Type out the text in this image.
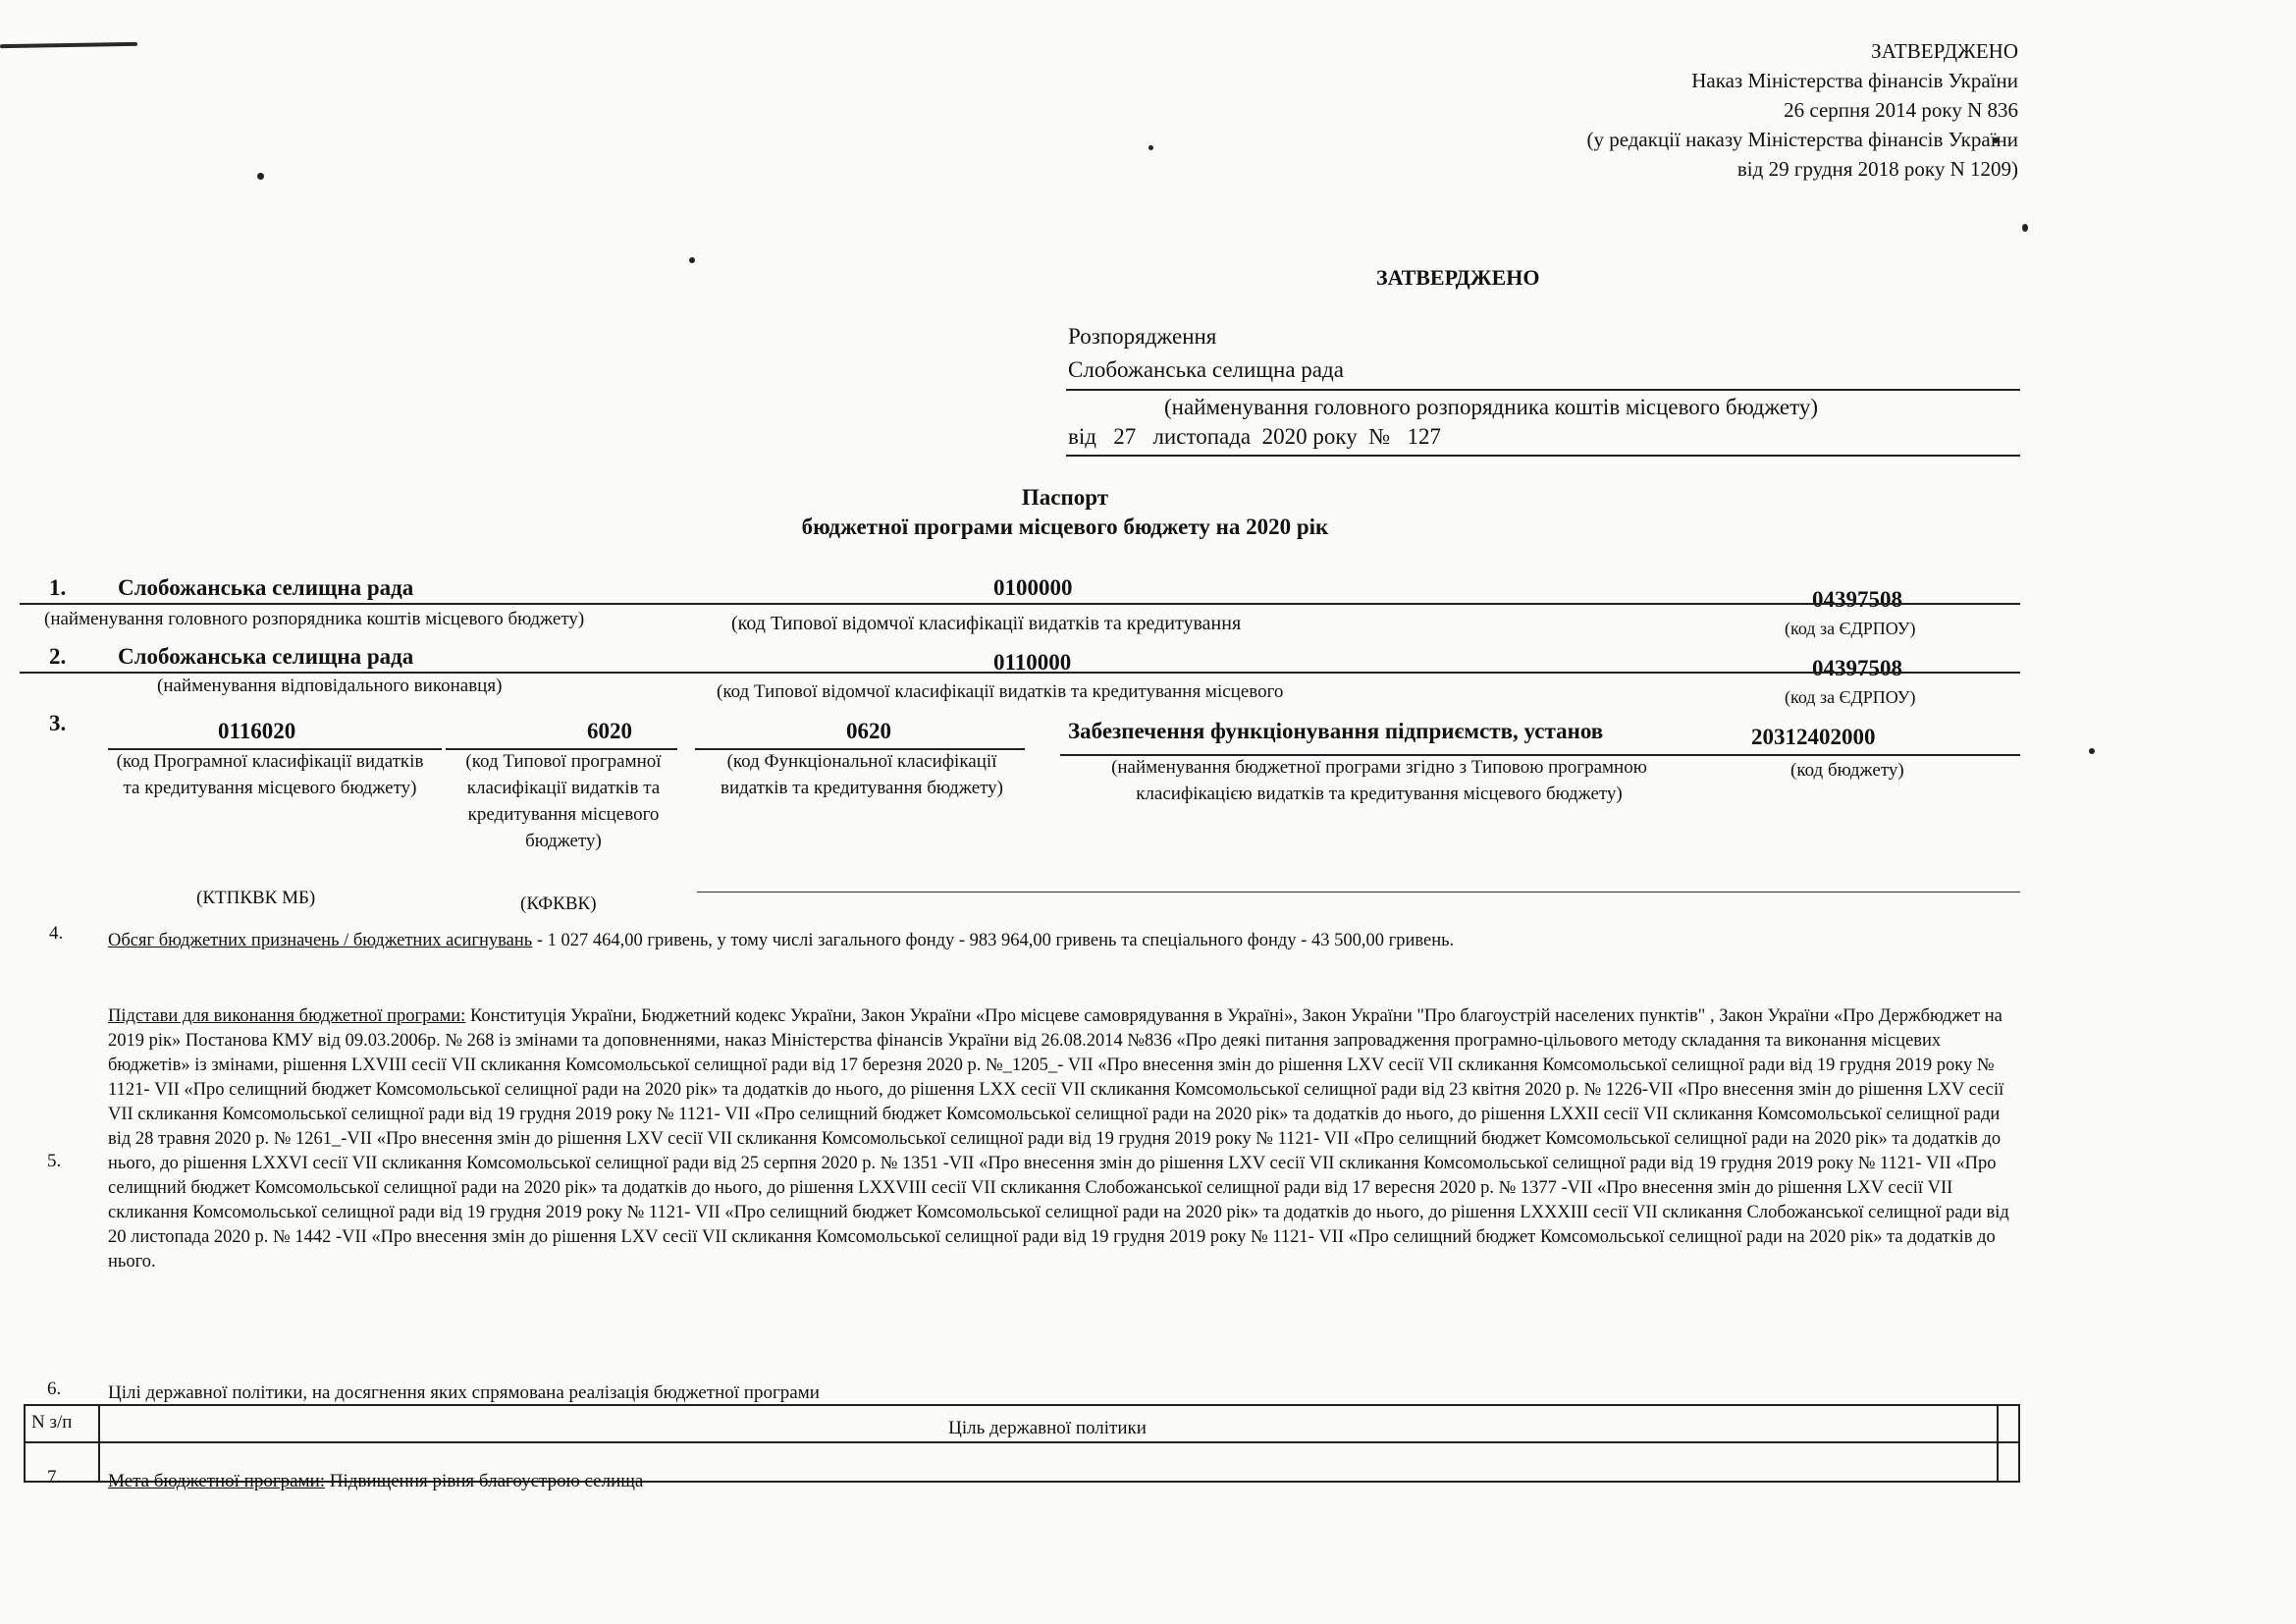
ЗАТВЕРДЖЕНО
Наказ Міністерства фінансів України
26 серпня 2014 року N 836
(у редакції наказу Міністерства фінансів України
від 29 грудня 2018 року N 1209)
ЗАТВЕРДЖЕНО
Розпорядження
Слобожанська селищна рада
(найменування головного розпорядника коштів місцевого бюджету)
від 27 листопада 2020 року № 127
Паспорт
бюджетної програми місцевого бюджету на 2020 рік
1. Слобожанська селищна рада	0100000	04397508
(найменування головного розпорядника коштів місцевого бюджету)	(код Типової відомчої класифікації видатків та кредитування	(код за ЄДРПОУ)
2. Слобожанська селищна рада	0110000	04397508
(найменування відповідального виконавця)	(код Типової відомчої класифікації видатків та кредитування місцевого	(код за ЄДРПОУ)
3.	0116020	6020	0620	Забезпечення функціонування підприємств, установ	20312402000
(код Програмної класифікації видатків та кредитування місцевого бюджету)
(код Типової програмної класифікації видатків та кредитування місцевого бюджету)
(код Функціональної класифікації видатків та кредитування бюджету)
(найменування бюджетної програми згідно з Типовою програмною класифікацією видатків та кредитування місцевого бюджету)
(код бюджету)
(КТПКВК МБ)	(КФКВК)
4. Обсяг бюджетних призначень / бюджетних асигнувань - 1 027 464,00 гривень, у тому числі загального фонду - 983 964,00 гривень та спеціального фонду - 43 500,00 гривень.
5.
Підстави для виконання бюджетної програми: Конституція України, Бюджетний кодекс України, Закон України «Про місцеве самоврядування в Україні», Закон України "Про благоустрій населених пунктів" , Закон України «Про Держбюджет на 2019 рік» Постанова КМУ від 09.03.2006р. № 268 із змінами та доповненнями, наказ Міністерства фінансів України від 26.08.2014 №836 «Про деякі питання запровадження програмно-цільового методу складання та виконання місцевих бюджетів» із змінами, рішення LXVIII сесії VII скликання Комсомольської селищної ради від 17 березня 2020 р. №_1205_- VII «Про внесення змін до рішення LXV сесії VII скликання Комсомольської селищної ради від 19 грудня 2019 року № 1121- VII «Про селищний бюджет Комсомольської селищної ради на 2020 рік» та додатків до нього, до рішення LXX сесії VII скликання Комсомольської селищної ради від 23 квітня 2020 р. № 1226-VII «Про внесення змін до рішення LXV сесії VII скликання Комсомольської селищної ради від 19 грудня 2019 року № 1121- VII «Про селищний бюджет Комсомольської селищної ради на 2020 рік» та додатків до нього, до рішення LXXII сесії VII скликання Комсомольської селищної ради від 28 травня 2020 р. № 1261_-VII «Про внесення змін до рішення LXV сесії VII скликання Комсомольської селищної ради від 19 грудня 2019 року № 1121- VII «Про селищний бюджет Комсомольської селищної ради на 2020 рік» та додатків до нього, до рішення LXXVI сесії VII скликання Комсомольської селищної ради від 25 серпня 2020 р. № 1351 -VII «Про внесення змін до рішення LXV сесії VII скликання Комсомольської селищної ради від 19 грудня 2019 року № 1121- VII «Про селищний бюджет Комсомольської селищної ради на 2020 рік» та додатків до нього, до рішення LXXVIII сесії VII скликання Слобожанської селищної ради від 17 вересня 2020 р. № 1377 -VII «Про внесення змін до рішення LXV сесії VII скликання Комсомольської селищної ради від 19 грудня 2019 року № 1121- VII «Про селищний бюджет Комсомольської селищної ради на 2020 рік» та додатків до нього, до рішення LXXXIII сесії VII скликання Слобожанської селищної ради від 20 листопада 2020 р. № 1442 -VII «Про внесення змін до рішення LXV сесії VII скликання Комсомольської селищної ради від 19 грудня 2019 року № 1121- VII «Про селищний бюджет Комсомольської селищної ради на 2020 рік» та додатків до нього.
6.	Цілі державної політики, на досягнення яких спрямована реалізація бюджетної програми
N з/п	Ціль державної політики
7.	Мета бюджетної програми: Підвищення рівня благоустрою селища
